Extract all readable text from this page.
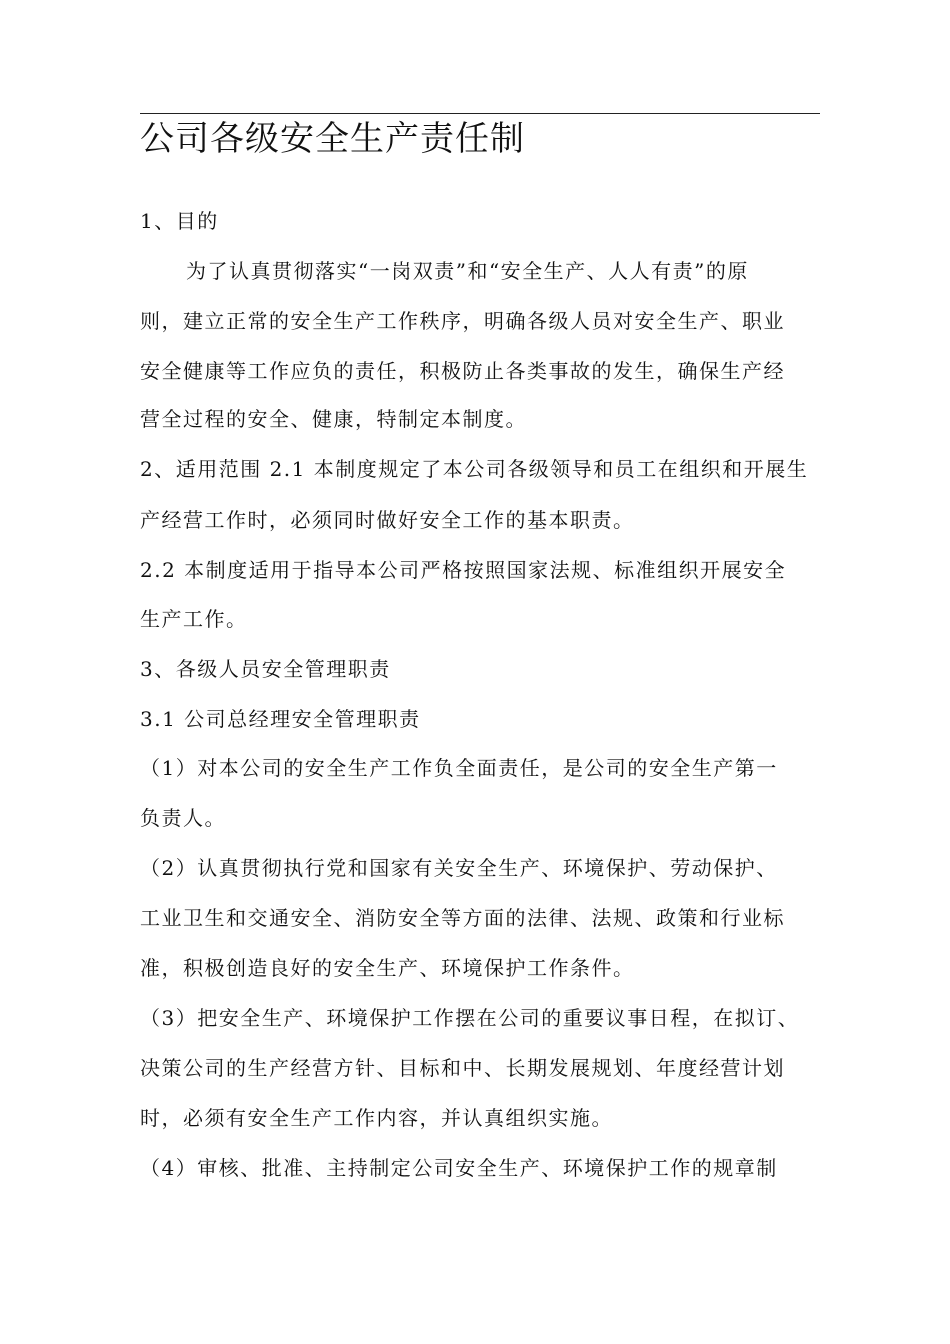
公司各级安全生产责任制
1、目的
为了认真贯彻落实“一岗双责”和“安全生产、人人有责”的原
则，建立正常的安全生产工作秩序，明确各级人员对安全生产、职业
安全健康等工作应负的责任，积极防止各类事故的发生，确保生产经
营全过程的安全、健康，特制定本制度。
2、适用范围 2.1 本制度规定了本公司各级领导和员工在组织和开展生
产经营工作时，必须同时做好安全工作的基本职责。
2.2 本制度适用于指导本公司严格按照国家法规、标准组织开展安全
生产工作。
3、各级人员安全管理职责
3.1 公司总经理安全管理职责
（1）对本公司的安全生产工作负全面责任，是公司的安全生产第一
负责人。
（2）认真贯彻执行党和国家有关安全生产、环境保护、劳动保护、
工业卫生和交通安全、消防安全等方面的法律、法规、政策和行业标
准，积极创造良好的安全生产、环境保护工作条件。
（3）把安全生产、环境保护工作摆在公司的重要议事日程，在拟订、
决策公司的生产经营方针、目标和中、长期发展规划、年度经营计划
时，必须有安全生产工作内容，并认真组织实施。
（4）审核、批准、主持制定公司安全生产、环境保护工作的规章制
